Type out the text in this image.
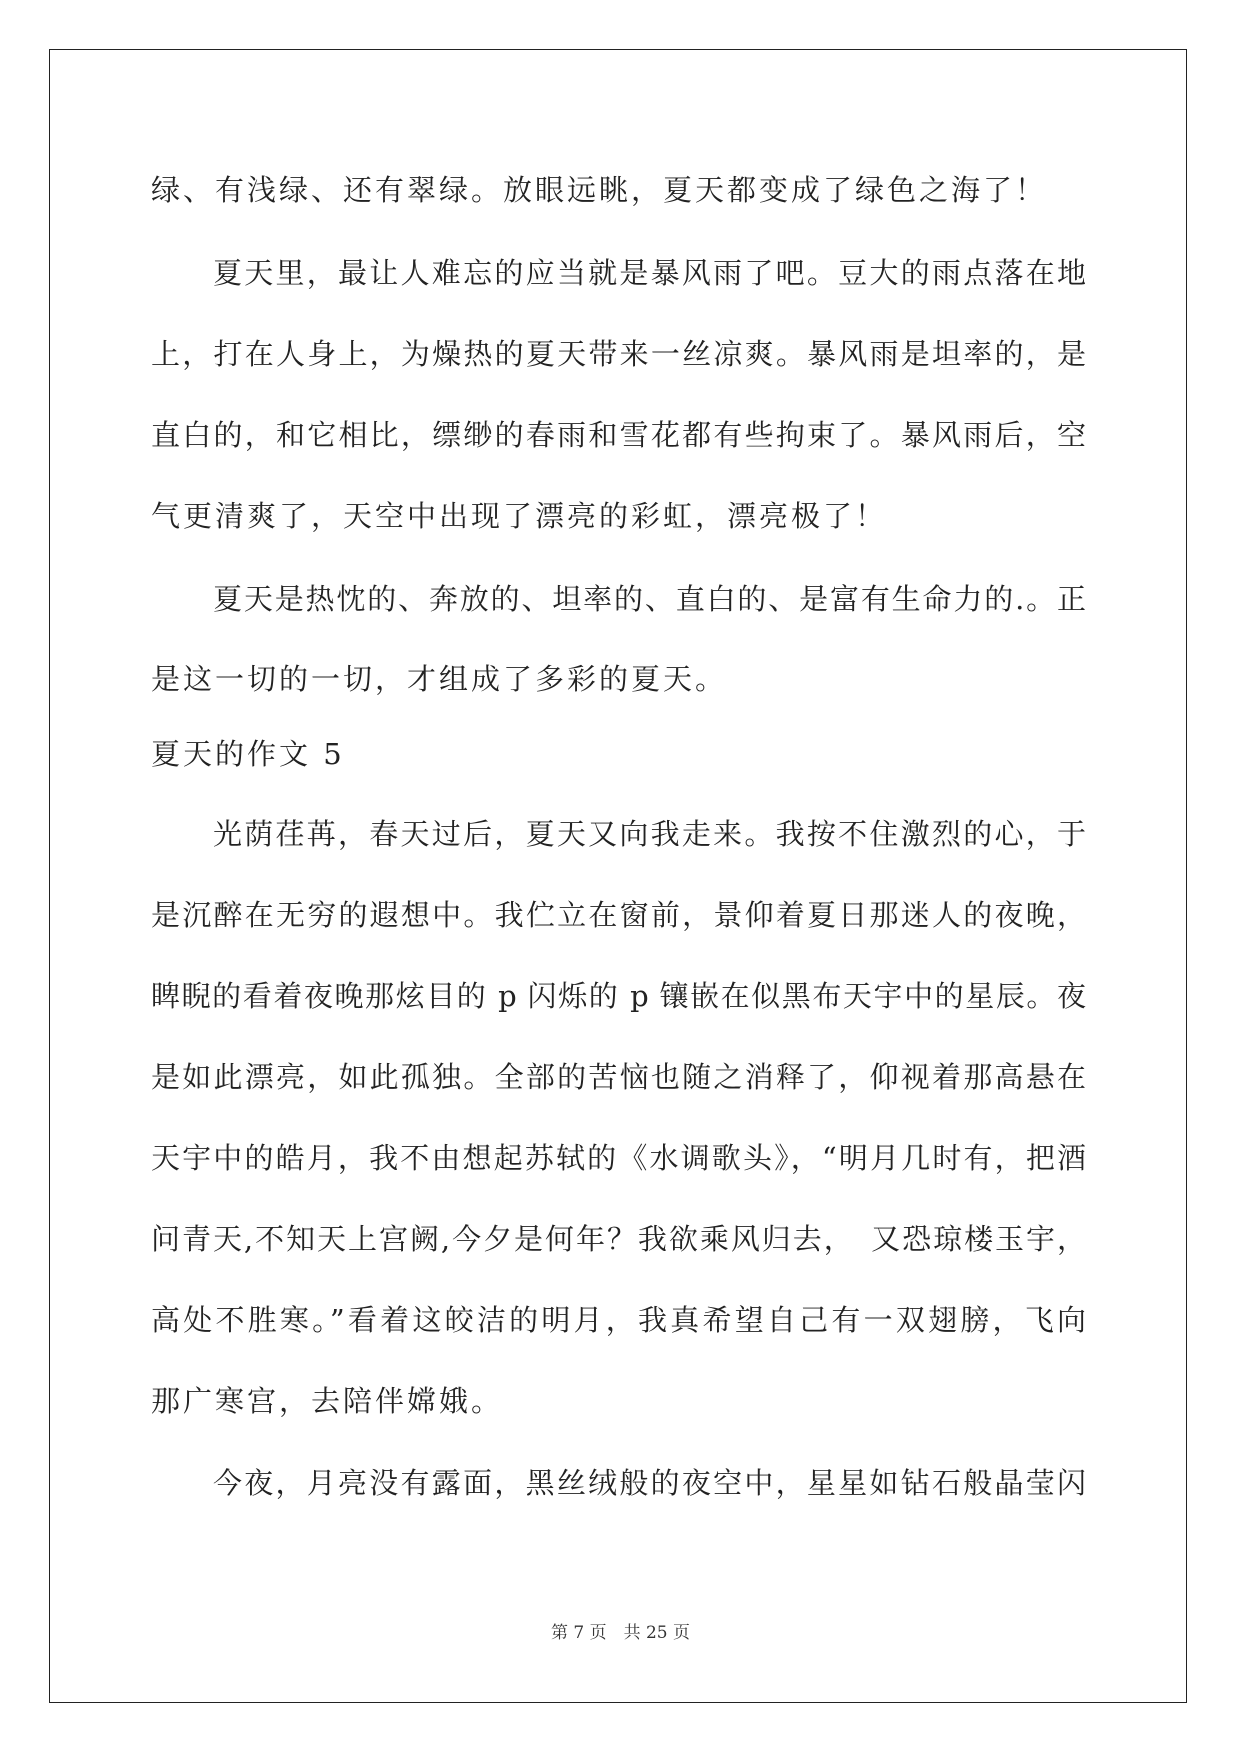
绿、有浅绿、还有翠绿。放眼远眺，夏天都变成了绿色之海了！
夏天里，最让人难忘的应当就是暴风雨了吧。豆大的雨点落在地
上，打在人身上，为燥热的夏天带来一丝凉爽。暴风雨是坦率的，是
直白的，和它相比，缥缈的春雨和雪花都有些拘束了。暴风雨后，空
气更清爽了，天空中出现了漂亮的彩虹，漂亮极了！
夏天是热忱的、奔放的、坦率的、直白的、是富有生命力的.。正
是这一切的一切，才组成了多彩的夏天。
夏天的作文 5
光荫荏苒，春天过后，夏天又向我走来。我按不住激烈的心，于
是沉醉在无穷的遐想中。我伫立在窗前，景仰着夏日那迷人的夜晚，
睥睨的看着夜晚那炫目的 p 闪烁的 p 镶嵌在似黑布天宇中的星辰。夜
是如此漂亮，如此孤独。全部的苦恼也随之消释了，仰视着那高悬在
天宇中的皓月，我不由想起苏轼的《水调歌头》，“明月几时有，把酒
问青天,不知天上宫阙,今夕是何年？我欲乘风归去，　又恐琼楼玉宇，
高处不胜寒。”看着这皎洁的明月，我真希望自己有一双翅膀，飞向
那广寒宫，去陪伴嫦娥。
今夜，月亮没有露面，黑丝绒般的夜空中，星星如钻石般晶莹闪
第 7 页　共 25 页
